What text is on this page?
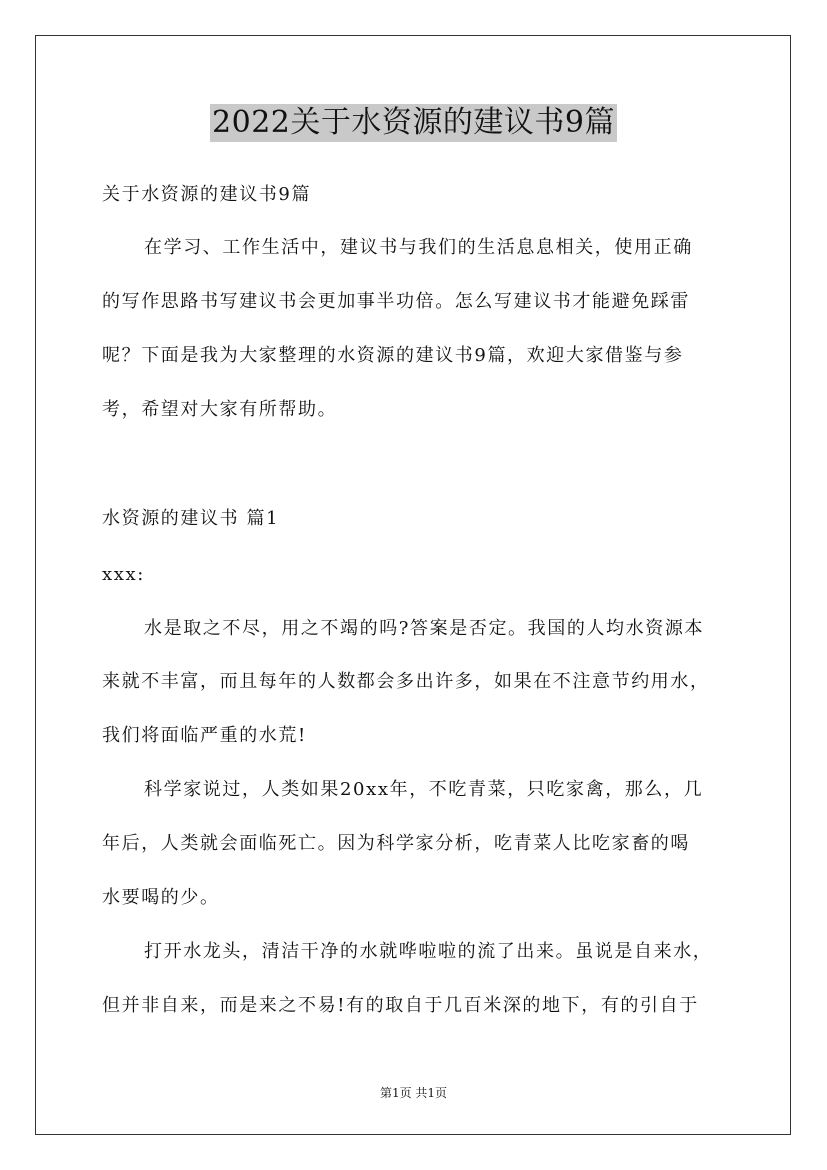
2022关于水资源的建议书9篇
关于水资源的建议书9篇
在学习、工作生活中，建议书与我们的生活息息相关，使用正确
的写作思路书写建议书会更加事半功倍。怎么写建议书才能避免踩雷
呢？下面是我为大家整理的水资源的建议书9篇，欢迎大家借鉴与参
考，希望对大家有所帮助。
水资源的建议书 篇1
xxx:
水是取之不尽，用之不竭的吗?答案是否定。我国的人均水资源本
来就不丰富，而且每年的人数都会多出许多，如果在不注意节约用水，
我们将面临严重的水荒!
科学家说过，人类如果20xx年，不吃青菜，只吃家禽，那么，几
年后，人类就会面临死亡。因为科学家分析，吃青菜人比吃家畜的喝
水要喝的少。
打开水龙头，清洁干净的水就哗啦啦的流了出来。虽说是自来水，
但并非自来，而是来之不易!有的取自于几百米深的地下，有的引自于
第1页 共1页
